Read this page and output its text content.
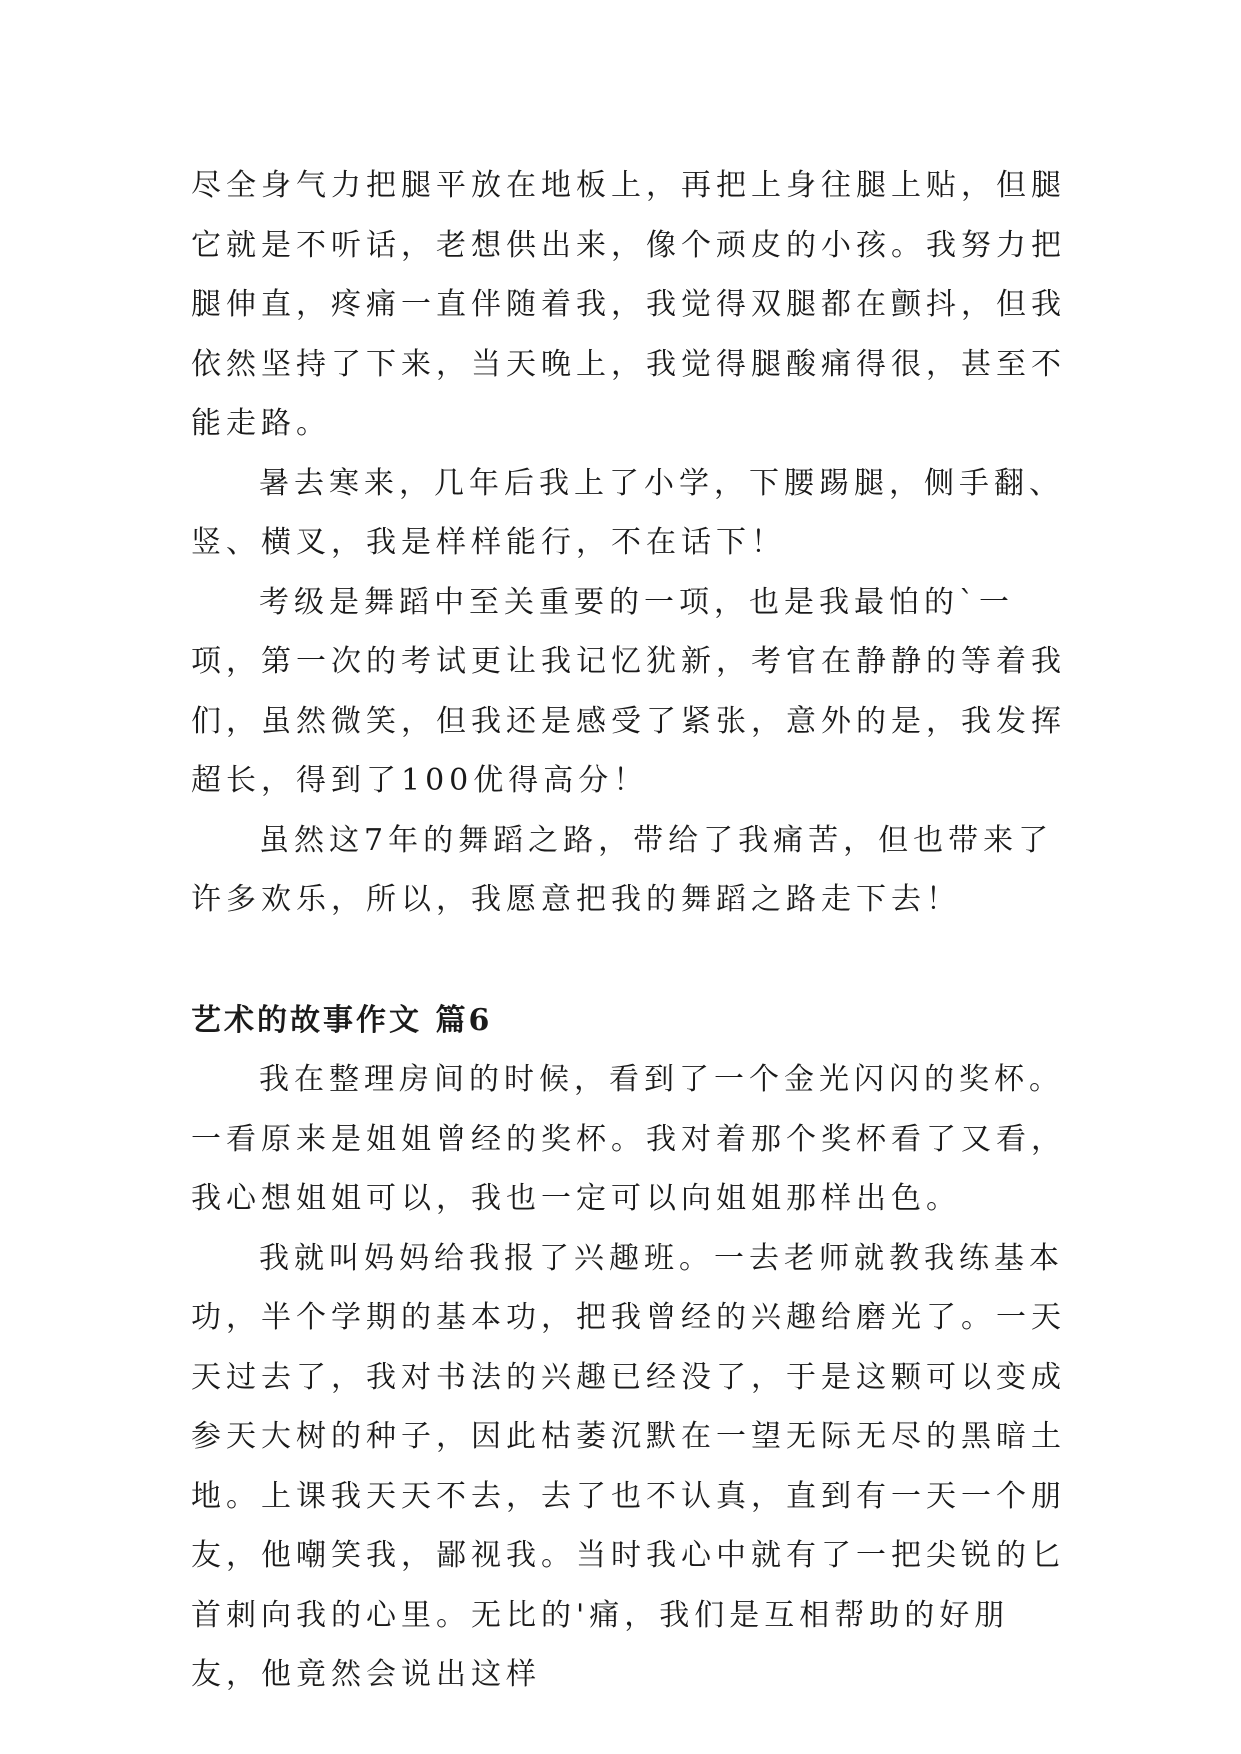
尽全身气力把腿平放在地板上，再把上身往腿上贴，但腿它就是不听话，老想供出来，像个顽皮的小孩。我努力把腿伸直，疼痛一直伴随着我，我觉得双腿都在颤抖，但我依然坚持了下来，当天晚上，我觉得腿酸痛得很，甚至不能走路。

暑去寒来，几年后我上了小学，下腰踢腿，侧手翻、竖、横叉，我是样样能行，不在话下！

考级是舞蹈中至关重要的一项，也是我最怕的`一项，第一次的考试更让我记忆犹新，考官在静静的等着我们，虽然微笑，但我还是感受了紧张，意外的是，我发挥超长，得到了100优得高分！

虽然这7年的舞蹈之路，带给了我痛苦，但也带来了许多欢乐，所以，我愿意把我的舞蹈之路走下去！

艺术的故事作文 篇6

我在整理房间的时候，看到了一个金光闪闪的奖杯。一看原来是姐姐曾经的奖杯。我对着那个奖杯看了又看，我心想姐姐可以，我也一定可以向姐姐那样出色。

我就叫妈妈给我报了兴趣班。一去老师就教我练基本功，半个学期的基本功，把我曾经的兴趣给磨光了。一天天过去了，我对书法的兴趣已经没了，于是这颗可以变成参天大树的种子，因此枯萎沉默在一望无际无尽的黑暗土地。上课我天天不去，去了也不认真，直到有一天一个朋友，他嘲笑我，鄙视我。当时我心中就有了一把尖锐的匕首刺向我的心里。无比的'痛，我们是互相帮助的好朋友，他竟然会说出这样
